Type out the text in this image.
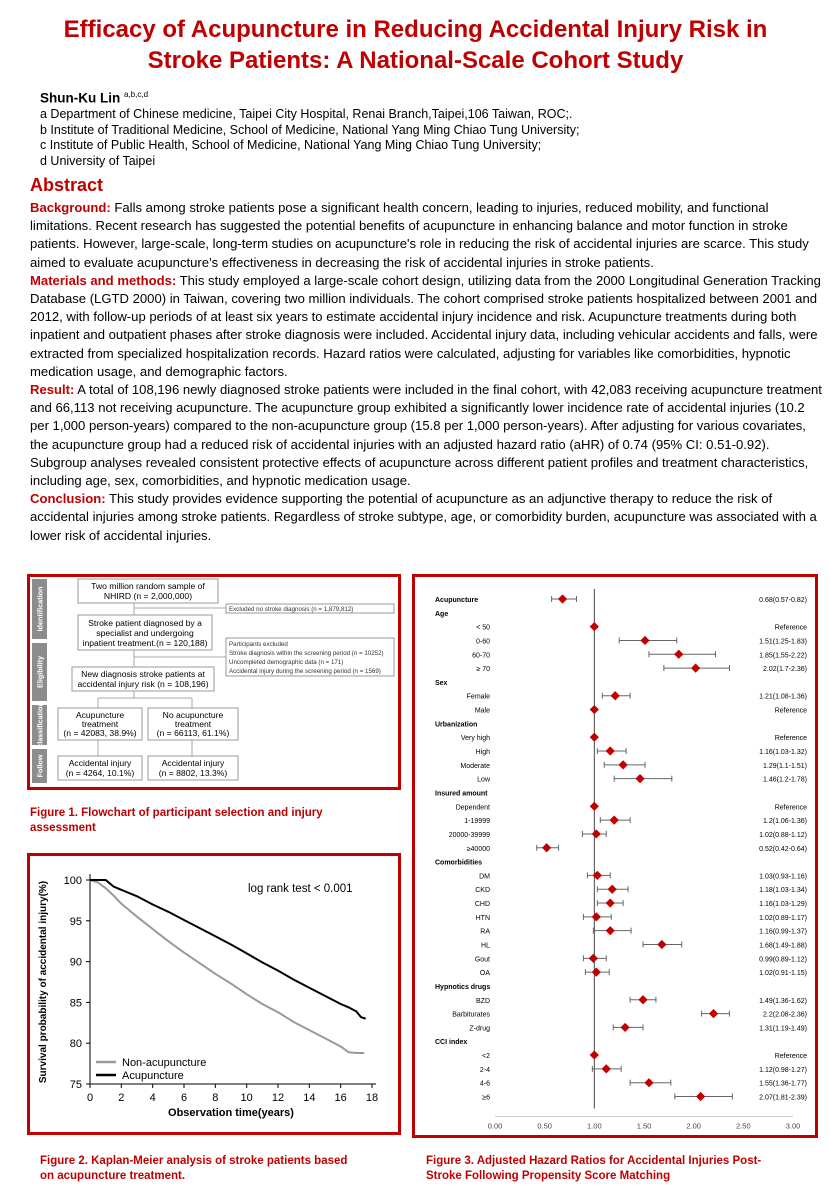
Efficacy of Acupuncture in Reducing Accidental Injury Risk in
Stroke Patients: A National-Scale Cohort Study
Shun-Ku Lin $^{a,b,c,d}$
a Department of Chinese medicine, Taipei City Hospital, Renai Branch,Taipei,106 Taiwan, ROC;.
b Institute of Traditional Medicine, School of Medicine, National Yang Ming Chiao Tung University;
c Institute of Public Health, School of Medicine, National Yang Ming Chiao Tung University;
d University of Taipei
Abstract

Background: Falls among stroke patients pose a significant health concern, leading to injuries, reduced mobility, and functional limitations. Recent research has suggested the potential benefits of acupuncture in enhancing balance and motor function in stroke patients. However, large-scale, long-term studies on acupuncture's role in reducing the risk of accidental injuries are scarce. This study aimed to evaluate acupuncture's effectiveness in decreasing the risk of accidental injuries in stroke patients.

Materials and methods: This study employed a large-scale cohort design, utilizing data from the 2000 Longitudinal Generation Tracking Database (LGTD 2000) in Taiwan, covering two million individuals. The cohort comprised stroke patients hospitalized between 2001 and 2012, with follow-up periods of at least six years to estimate accidental injury incidence and risk. Acupuncture treatments during both inpatient and outpatient phases after stroke diagnosis were included. Accidental injury data, including vehicular accidents and falls, were extracted from specialized hospitalization records. Hazard ratios were calculated, adjusting for variables like comorbidities, hypnotic medication usage, and demographic factors.

Result: A total of 108,196 newly diagnosed stroke patients were included in the final cohort, with 42,083 receiving acupuncture treatment and 66,113 not receiving acupuncture. The acupuncture group exhibited a significantly lower incidence rate of accidental injuries (10.2 per 1,000 person-years) compared to the non-acupuncture group (15.8 per 1,000 person-years). After adjusting for various covariates, the acupuncture group had a reduced risk of accidental injuries with an adjusted hazard ratio (aHR) of 0.74 (95% CI: 0.51-0.92). Subgroup analyses revealed consistent protective effects of acupuncture across different patient profiles and treatment characteristics, including age, sex, comorbidities, and hypnotic medication usage.

Conclusion: This study provides evidence supporting the potential of acupuncture as an adjunctive therapy to reduce the risk of accidental injuries among stroke patients. Regardless of stroke subtype, age, or comorbidity burden, acupuncture was associated with a lower risk of accidental injuries.

Identification
Eligibility
classification
Follow
Two million random sample of
NHIRD (n = 2,000,000)
Excluded no stroke diagnosis (n = 1,879,812)
Stroke patient diagnosed by a
specialist and undergoing
inpatient treatment.(n = 120,188)	Participants excluded
Stroke diagnosis within the screening period (n = 10252)
Uncompleted demographic data (n = 171)
Accidental injury during the screening period (n = 1569)
New diagnosis stroke patients at
accidental injury risk (n = 108,196)
Acupuncture
treatment
(n = 42083, 38.9%)
No acupuncture
treatment
(n = 66113, 61.1%)
Accidental injury
(n = 4264, 10.1%)
Accidental injury
(n = 8802, 13.3%)
Figure 1. Flowchart of participant selection and injury
assessment
75
80
85
90
95
100
0 2 4 6 8 10 12 14 16 18
Observation time(years)
Survival probability of accidental injury(%)	log rank test < 0.001
Non-acupuncture
Acupuncture
Figure 2. Kaplan-Meier analysis of stroke patients based
on acupuncture treatment.
0.00	0.50	1.00	1.50	2.00	2.50	3.00
Acupuncture	0.68(0.57-0.82)
Age
< 50	Reference
0-60	1.51(1.25-1.83)
60-70	1.85(1.55-2.22)
≥ 70	2.02(1.7-2.36)
Sex
Female	1.21(1.08-1.36)
Male	Reference
Urbanization
Very high	Reference
High	1.16(1.03-1.32)
Moderate	1.29(1.1-1.51)
Low	1.46(1.2-1.78)
Insured amount
Dependent	Reference
1-19999	1.2(1.06-1.36)
20000-39999	1.02(0.88-1.12)
≥40000	0.52(0.42-0.64)
Comorbidities
DM	1.03(0.93-1.16)
CKD	1.18(1.03-1.34)
CHD	1.16(1.03-1.29)
HTN	1.02(0.89-1.17)
RA	1.16(0.99-1.37)
HL	1.68(1.49-1.88)
Gout	0.99(0.89-1.12)
OA	1.02(0.91-1.15)
Hypnotics drugs
BZD	1.49(1.36-1.62)
Barbiturates	2.2(2.08-2.36)
Z-drug	1.31(1.19-1.49)
CCI index
<2	Reference
2-4	1.12(0.98-1.27)
4-6	1.55(1.36-1.77)
≥6	2.07(1.81-2.39)
Figure 3. Adjusted Hazard Ratios for Accidental Injuries Post-
Stroke Following Propensity Score Matching
